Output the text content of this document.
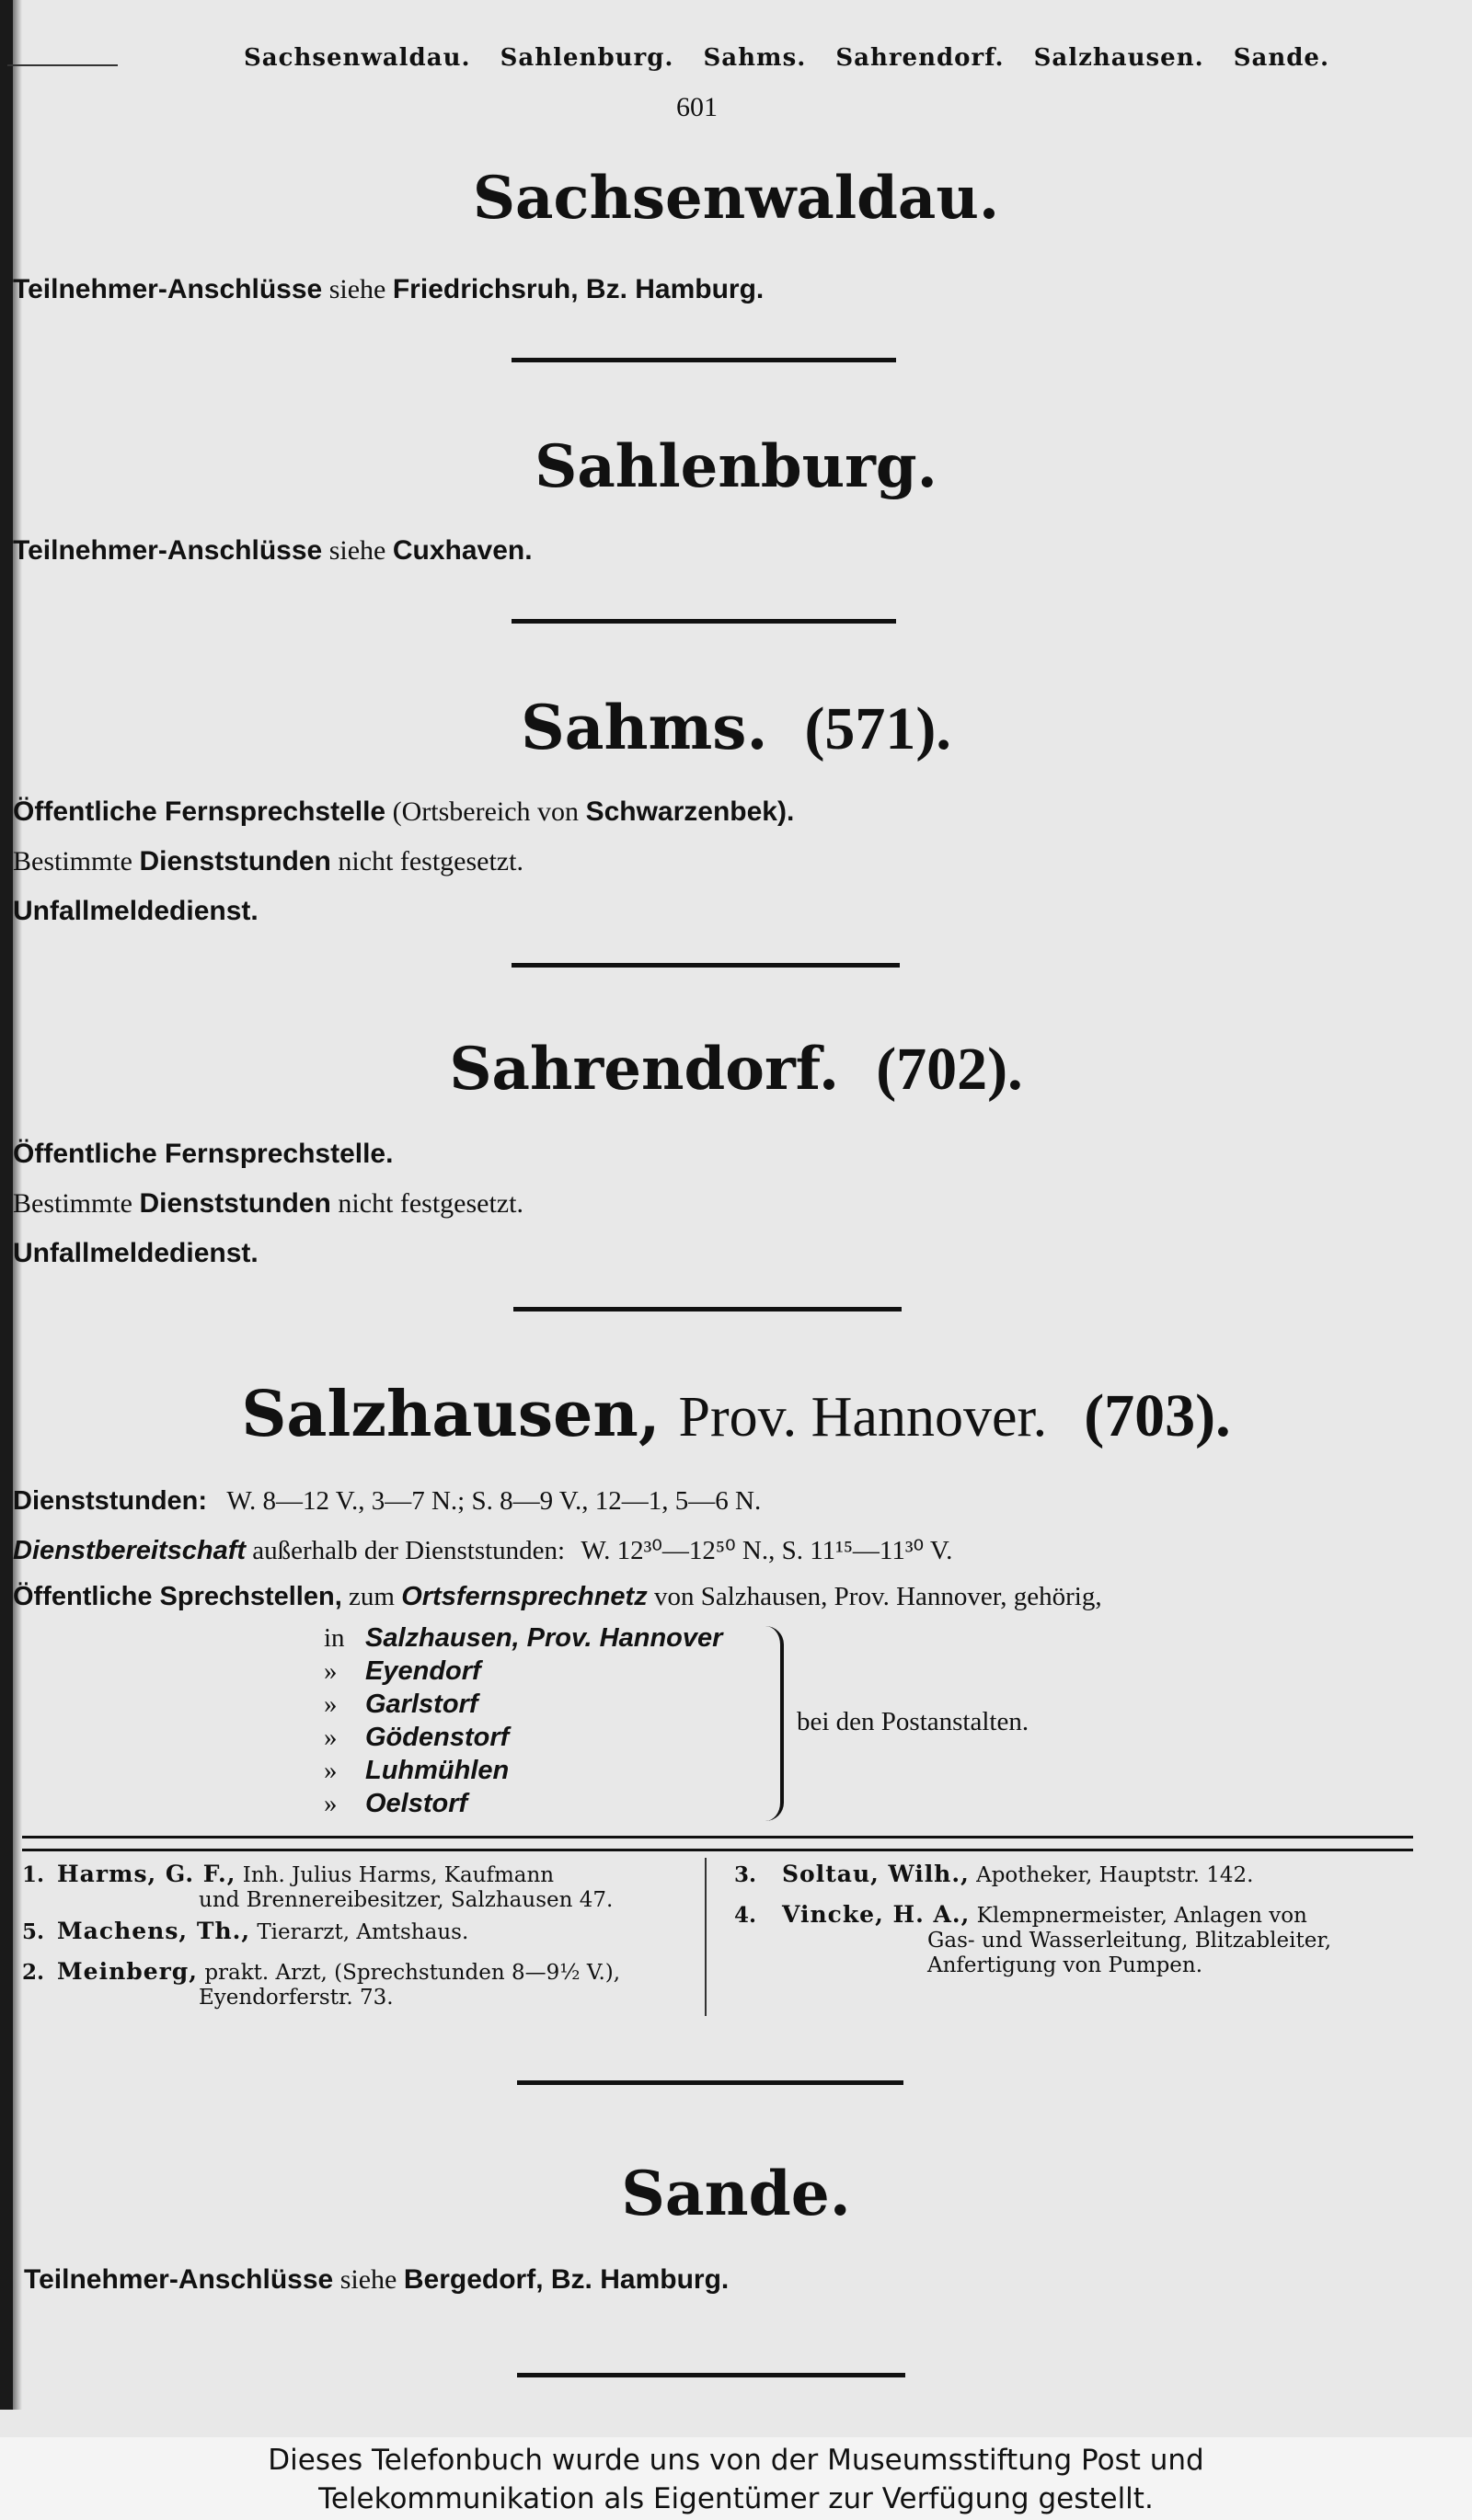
Sachsenwaldau. Sahlenburg. Sahms. Sahrendorf. Salzhausen. Sande.
601
Sachsenwaldau.
Teilnehmer-Anschlüsse siehe Friedrichsruh, Bz. Hamburg.
Sahlenburg.
Teilnehmer-Anschlüsse siehe Cuxhaven.
Sahms. (571).
Öffentliche Fernsprechstelle (Ortsbereich von Schwarzenbek).
Bestimmte Dienststunden nicht festgesetzt.
Unfallmeldedienst.
Sahrendorf. (702).
Öffentliche Fernsprechstelle.
Bestimmte Dienststunden nicht festgesetzt.
Unfallmeldedienst.
Salzhausen, Prov. Hannover. (703).
Dienststunden: W. 8—12 V., 3—7 N.; S. 8—9 V., 12—1, 5—6 N.
Dienstbereitschaft außerhalb der Dienststunden: W. 12³⁰—12⁵⁰ N., S. 11¹⁵—11³⁰ V.
Öffentliche Sprechstellen, zum Ortsfernsprechnetz von Salzhausen, Prov. Hannover, gehörig,
in Salzhausen, Prov. Hannover
» Eyendorf
» Garlstorf
» Gödenstorf
» Luhmühlen
» Oelstorf
bei den Postanstalten.
1. Harms, G. F., Inh. Julius Harms, Kaufmann
und Brennereibesitzer, Salzhausen 47.
5. Machens, Th., Tierarzt, Amtshaus.
2. Meinberg, prakt. Arzt, (Sprechstunden 8—9½ V.),
Eyendorferstr. 73.
3. Soltau, Wilh., Apotheker, Hauptstr. 142.
4. Vincke, H. A., Klempnermeister, Anlagen von
Gas- und Wasserleitung, Blitzableiter,
Anfertigung von Pumpen.
Sande.
Teilnehmer-Anschlüsse siehe Bergedorf, Bz. Hamburg.
Dieses Telefonbuch wurde uns von der Museumsstiftung Post und
Telekommunikation als Eigentümer zur Verfügung gestellt.
